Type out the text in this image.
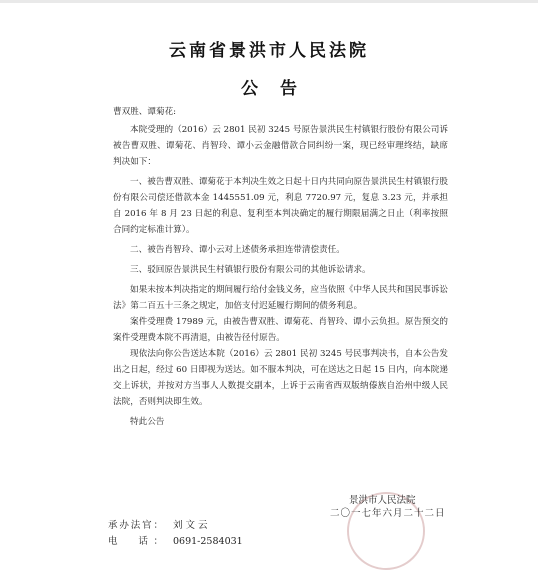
云南省景洪市人民法院
公告

曹双胜、谭菊花:

本院受理的（2016）云 2801 民初 3245 号原告景洪民生村镇银行股份有限公司诉被告曹双胜、谭菊花、肖智玲、谭小云金融借款合同纠纷一案，现已经审理终结，缺席判决如下：

一、被告曹双胜、谭菊花于本判决生效之日起十日内共同向原告景洪民生村镇银行股份有限公司偿还借款本金 1445551.09 元，利息 7720.97 元，复息 3.23 元，并承担自 2016 年 8 月 23 日起的利息、复利至本判决确定的履行期限届满之日止（利率按照合同约定标准计算）。

二、被告肖智玲、谭小云对上述债务承担连带清偿责任。

三、驳回原告景洪民生村镇银行股份有限公司的其他诉讼请求。

如果未按本判决指定的期间履行给付金钱义务，应当依照《中华人民共和国民事诉讼法》第二百五十三条之规定，加倍支付迟延履行期间的债务利息。

案件受理费 17989 元，由被告曹双胜、谭菊花、肖智玲、谭小云负担。原告预交的案件受理费本院不再清退，由被告径付原告。

现依法向你公告送达本院（2016）云 2801 民初 3245 号民事判决书，自本公告发出之日起，经过 60 日即视为送达。如不服本判决，可在送达之日起 15 日内，向本院递交上诉状，并按对方当事人人数提交副本，上诉于云南省西双版纳傣族自治州中级人民法院，否则判决即生效。

特此公告

景洪市人民法院
二〇一七年六月二十二日
承办法官： 刘 文 云
电　话： 0691-2584031
